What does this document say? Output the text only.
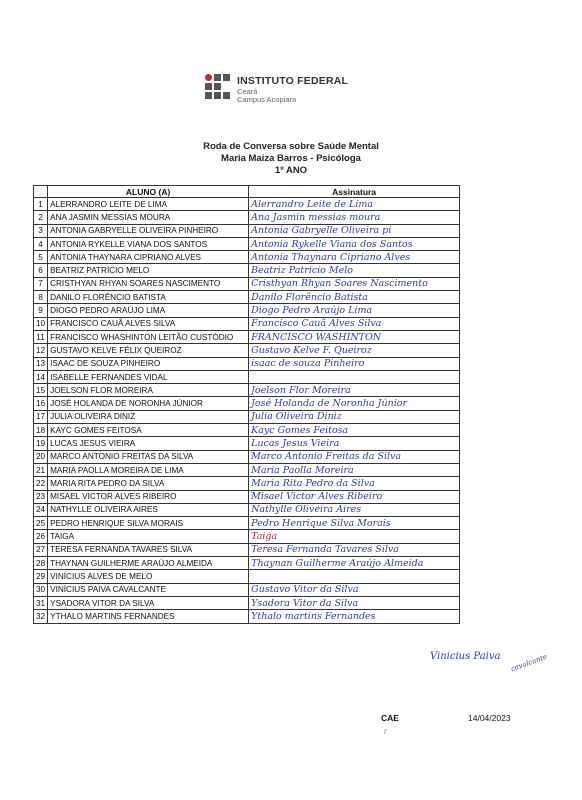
INSTITUTO FEDERAL
Ceará
Campus Acopiara
Roda de Conversa sobre Saúde Mental
Maria Maiza Barros - Psicóloga
1º ANO
	ALUNO (A)	Assinatura
1	ALERRANDRO LEITE DE LIMA	Alerrandro Leite de Lima

2	ANA JASMIN MESSIAS MOURA	Ana Jasmin messias moura

3	ANTONIA GABRYELLE OLIVEIRA PINHEIRO	Antonia Gabryelle Oliveira pi

4	ANTONIA RYKELLE VIANA DOS SANTOS	Antonia Rykelle Viana dos Santos

5	ANTONIA THAYNARA CIPRIANO ALVES	Antonia Thaynara Cipriano Alves

6	BEATRIZ PATRÍCIO MELO	Beatriz Patricio Melo

7	CRISTHYAN RHYAN SOARES NASCIMENTO	Cristhyan Rhyan Soares Nascimento

8	DANILO FLORÊNCIO BATISTA	Danilo Florêncio Batista

9	DIOGO PEDRO ARAÚJO LIMA	Diogo Pedro Araújo Lima

10	FRANCISCO CAUÃ ALVES SILVA	Francisco Cauã Alves Silva

11	FRANCISCO WHASHINTON LEITÃO CUSTÓDIO	FRANCISCO WASHINTON

12	GUSTAVO KELVE FÉLIX QUEIROZ	Gustavo Kelve F. Queiroz

13	ISAAC DE SOUZA PINHEIRO	isaac de souza Pinheiro

14	ISABELLE FERNANDES VIDAL	

15	JOELSON FLOR MOREIRA	Joelson Flor Moreira

16	JOSÉ HOLANDA DE NORONHA JÚNIOR	José Holanda de Noronha Júnior

17	JULIA OLIVEIRA DINIZ	Julia Oliveira Diniz

18	KAYC GOMES FEITOSA	Kayc Gomes Feitosa

19	LUCAS JESUS VIEIRA	Lucas Jesus Vieira

20	MARCO ANTONIO FREITAS DA SILVA	Marco Antonio Freitas da Silva

21	MARIA PAOLLA MOREIRA DE LIMA	Maria Paolla Moreira

22	MARIA RITA PEDRO DA SILVA	Maria Rita Pedro da Silva

23	MISAEL VICTOR ALVES RIBEIRO	Misael Victor Alves Ribeiro

24	NATHYLLE OLIVEIRA AIRES	Nathylle Oliveira Aires

25	PEDRO HENRIQUE SILVA MORAIS	Pedro Henrique Silva Morais

26	TAIGA	Taiga

27	TERESA FERNANDA TAVARES SILVA	Teresa Fernanda Tavares Silva

28	THAYNAN GUILHERME ARAÚJO ALMEIDA	Thaynan Guilherme Araújo Almeida

29	VINÍCIUS ALVES DE MELO	

30	VINÍCIUS PAIVA CAVALCANTE	Gustavo Vitor da Silva

31	YSADORA VITOR DA SILVA	Ysadora Vitor da Silva

32	YTHALO MARTINS FERNANDES	Ythalo martins Fernandes
Vinicius Paiva cavalcante
CAE	14/04/2023
r
